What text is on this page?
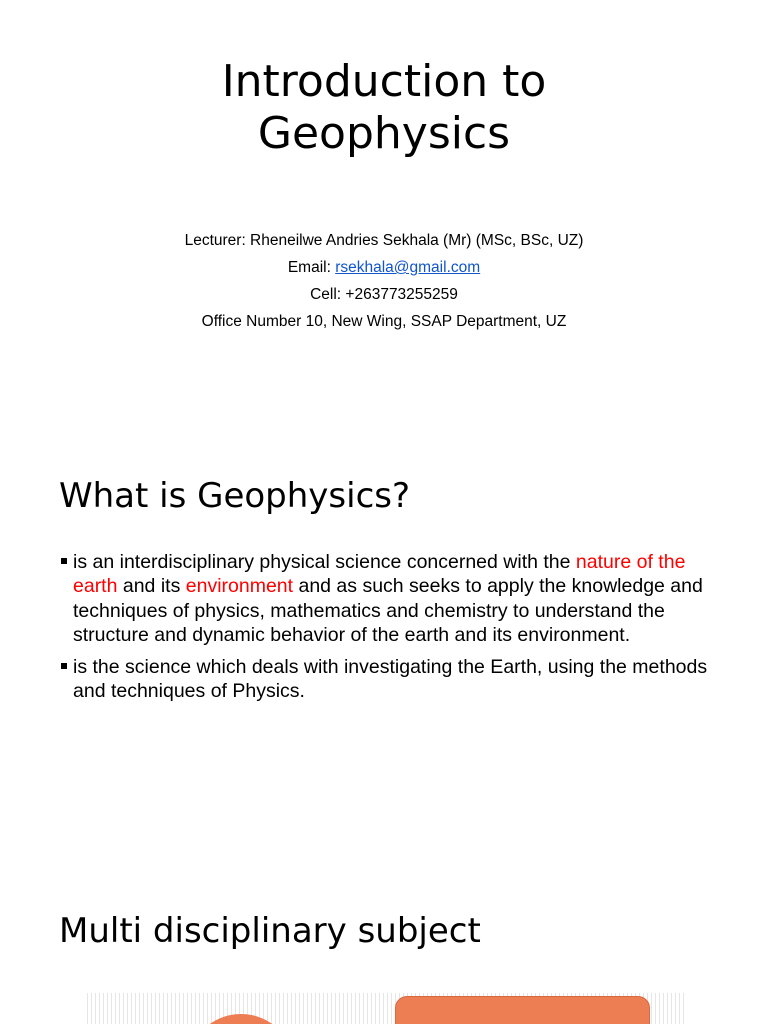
Introduction to
Geophysics
Lecturer: Rheneilwe Andries Sekhala (Mr) (MSc, BSc, UZ)
Email: rsekhala@gmail.com
Cell: +263773255259
Office Number 10, New Wing, SSAP Department, UZ
What is Geophysics?
is an interdisciplinary physical science concerned with the nature of the earth and its environment and as such seeks to apply the knowledge and techniques of physics, mathematics and chemistry to understand the structure and dynamic behavior of the earth and its environment.
is the science which deals with investigating the Earth, using the methods and techniques of Physics.
Multi disciplinary subject
